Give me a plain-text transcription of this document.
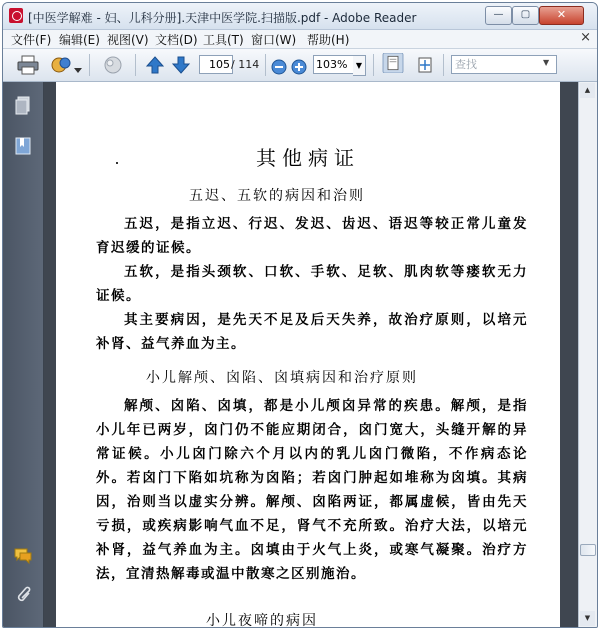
[中医学解难 - 妇、儿科分册].天津中医学院.扫描版.pdf - Adobe Reader	—	▢	✕
文件(F) 编辑(E) 视图(V) 文档(D) 工具(T) 窗口(W) 帮助(H)	×
105 / 114	103%	▼	查找	▼
其他病证
五迟、五软的病因和治则
五迟，是指立迟、行迟、发迟、齿迟、语迟等较正常儿童发育迟缓的证候。
五软，是指头颈软、口软、手软、足软、肌肉软等瘘软无力证候。
其主要病因，是先天不足及后天失养，故治疗原则，以培元补肾、益气养血为主。
小儿解颅、囟陷、囟填病因和治疗原则
解颅、囟陷、囟填，都是小儿颅囟异常的疾患。解颅，是指小儿年已两岁，囟门仍不能应期闭合，囟门宽大，头缝开解的异常证候。小儿囟门除六个月以内的乳儿囟门微陷，不作病态论外。若囟门下陷如坑称为囟陷；若囟门肿起如堆称为囟填。其病因，治则当以虚实分辨。解颅、囟陷两证，都属虚候，皆由先天亏损，或疾病影响气血不足，肾气不充所致。治疗大法，以培元补肾，益气养血为主。囟填由于火气上炎，或寒气凝聚。治疗方法，宜清热解毒或温中散寒之区别施治。
小儿夜啼的病因
▲
▼
